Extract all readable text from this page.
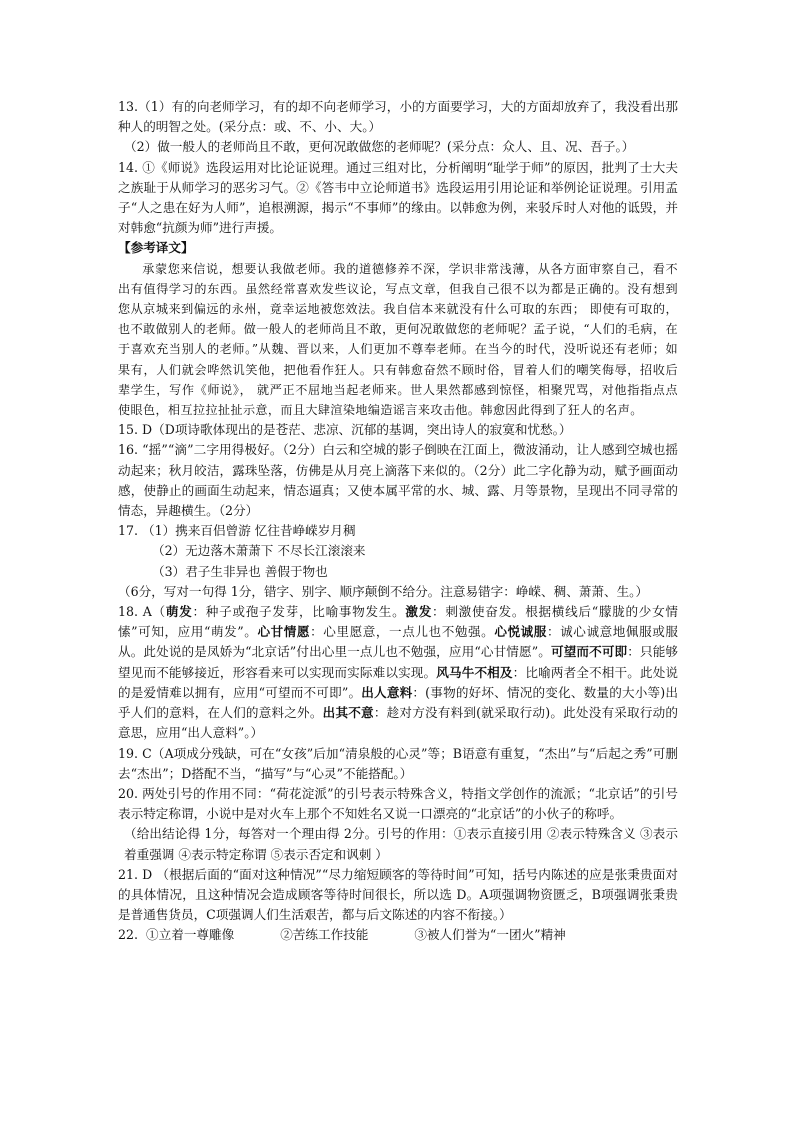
13.（1）有的向老师学习，有的却不向老师学习，小的方面要学习，大的方面却放弃了，我没看出那种人的明智之处。(采分点：或、不、小、大。）

（2）做一般人的老师尚且不敢，更何况敢做您的老师呢？(采分点：众人、且、况、吾子。）

14. ①《师说》选段运用对比论证说理。通过三组对比，分析阐明“耻学于师”的原因，批判了士大夫之族耻于从师学习的恶劣习气。②《答韦中立论师道书》选段运用引用论证和举例论证说理。引用孟子“人之患在好为人师”，追根溯源，揭示“不事师”的缘由。以韩愈为例，来驳斥时人对他的诋毁，并对韩愈“抗颜为师”进行声援。

【参考译文】

承蒙您来信说，想要认我做老师。我的道德修养不深，学识非常浅薄，从各方面审察自己，看不出有值得学习的东西。虽然经常喜欢发些议论，写点文章，但我自己很不以为都是正确的。没有想到您从京城来到偏远的永州，竟幸运地被您效法。我自信本来就没有什么可取的东西； 即使有可取的，也不敢做别人的老师。做一般人的老师尚且不敢，更何况敢做您的老师呢？孟子说，“人们的毛病，在于喜欢充当别人的老师。”从魏、晋以来，人们更加不尊奉老师。在当今的时代，没听说还有老师；如果有，人们就会哗然讥笑他，把他看作狂人。只有韩愈奋然不顾时俗，冒着人们的嘲笑侮辱，招收后辈学生，写作《师说》， 就严正不屈地当起老师来。世人果然都感到惊怪，相聚咒骂，对他指指点点使眼色，相互拉拉扯扯示意，而且大肆渲染地编造谣言来攻击他。韩愈因此得到了狂人的名声。

15. D（D项诗歌体现出的是苍茫、悲凉、沉郁的基调，突出诗人的寂寞和忧愁。）

16. “摇”“滴”二字用得极好。（2分）白云和空城的影子倒映在江面上，微波涌动，让人感到空城也摇动起来；秋月皎洁，露珠坠落，仿佛是从月亮上滴落下来似的。（2分）此二字化静为动，赋予画面动感，使静止的画面生动起来，情态逼真；又使本属平常的水、城、露、月等景物，呈现出不同寻常的情态，异趣横生。（2分）

17. （1）携来百侣曾游 忆往昔峥嵘岁月稠

（2）无边落木萧萧下 不尽长江滚滚来

（3）君子生非异也 善假于物也

（6分，写对一句得 1分，错字、别字、顺序颠倒不给分。注意易错字：峥嵘、稠、萧萧、生。）

18. A（萌发：种子或孢子发芽，比喻事物发生。激发：刺激使奋发。根据横线后“朦胧的少女情愫”可知，应用“萌发”。心甘情愿：心里愿意，一点儿也不勉强。心悦诚服：诚心诚意地佩服或服从。此处说的是凤娇为“北京话”付出心里一点儿也不勉强，应用“心甘情愿”。可望而不可即：只能够望见而不能够接近，形容看来可以实现而实际难以实现。风马牛不相及：比喻两者全不相干。此处说的是爱情难以拥有，应用“可望而不可即”。出人意料：(事物的好坏、情况的变化、数量的大小等)出乎人们的意料，在人们的意料之外。出其不意：趁对方没有料到(就采取行动)。此处没有采取行动的意思，应用“出人意料”。）

19. C（A项成分残缺，可在“女孩”后加“清泉般的心灵”等；B语意有重复，“杰出”与“后起之秀”可删去“杰出”；D搭配不当，“描写”与“心灵”不能搭配。）

20. 两处引号的作用不同：“荷花淀派”的引号表示特殊含义，特指文学创作的流派；“北京话”的引号表示特定称谓，小说中是对火车上那个不知姓名又说一口漂亮的“北京话”的小伙子的称呼。

（给出结论得 1分，每答对一个理由得 2分。引号的作用：①表示直接引用 ②表示特殊含义 ③表示着重强调 ④表示特定称谓 ⑤表示否定和讽刺 ）

21. D （根据后面的“面对这种情况”“尽力缩短顾客的等待时间”可知，括号内陈述的应是张秉贵面对的具体情况，且这种情况会造成顾客等待时间很长，所以选 D。A项强调物资匮乏，B项强调张秉贵是普通售货员，C项强调人们生活艰苦，都与后文陈述的内容不衔接。）

22. ①立着一尊雕像	②苦练工作技能	③被人们誉为“一团火”精神
